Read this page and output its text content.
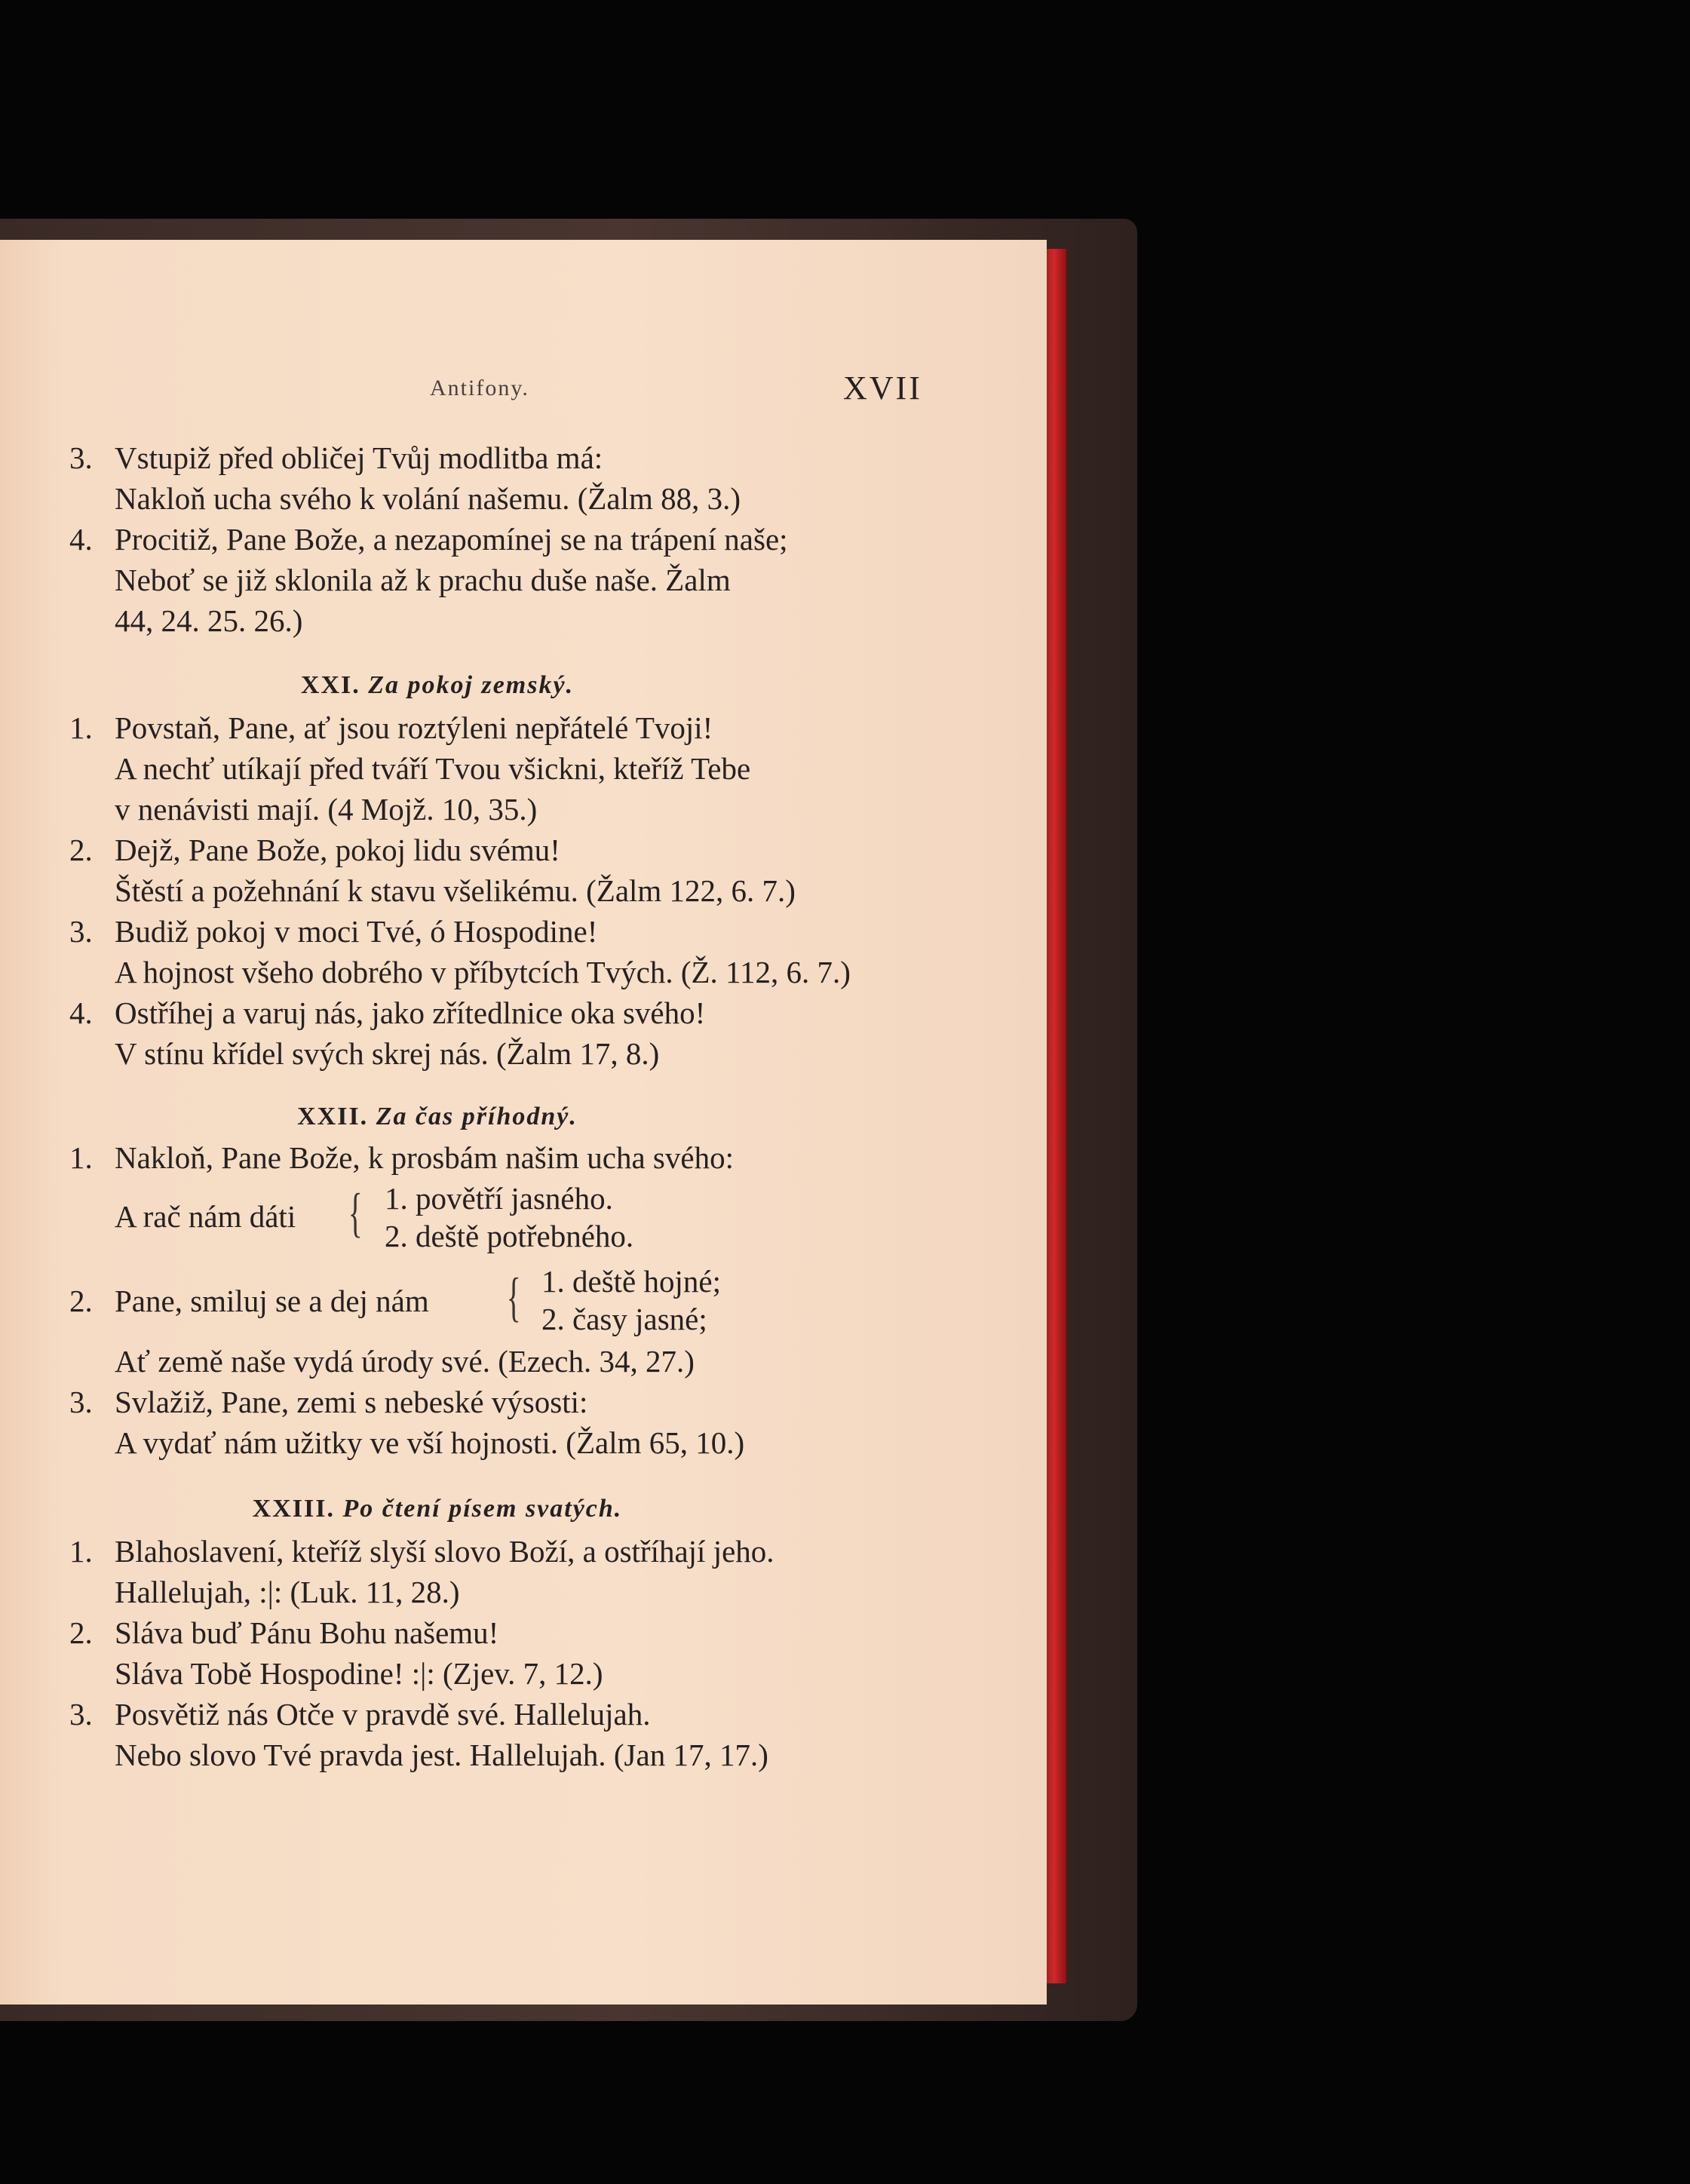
Antifony.	XVII
3. Vstupiž před obličej Tvůj modlitba má:
Nakloň ucha svého k volání našemu. (Žalm 88, 3.)
4. Procitiž, Pane Bože, a nezapomínej se na trápení naše;
Neboť se již sklonila až k prachu duše naše. Žalm
44, 24. 25. 26.)
XXI. Za pokoj zemský.
1. Povstaň, Pane, ať jsou roztýleni nepřátelé Tvoji!
A nechť utíkají před tváří Tvou všickni, kteříž Tebe
v nenávisti mají. (4 Mojž. 10, 35.)
2. Dejž, Pane Bože, pokoj lidu svému!
Štěstí a požehnání k stavu všelikému. (Žalm 122, 6. 7.)
3. Budiž pokoj v moci Tvé, ó Hospodine!
A hojnost všeho dobrého v příbytcích Tvých. (Ž. 112, 6. 7.)
4. Ostříhej a varuj nás, jako zřítedlnice oka svého!
V stínu křídel svých skrej nás. (Žalm 17, 8.)
XXII. Za čas příhodný.
1. Nakloň, Pane Bože, k prosbám našim ucha svého:
A rač nám dáti { 1. povětří jasného.
2. deště potřebného.
2. Pane, smiluj se a dej nám { 1. deště hojné;
2. časy jasné;
Ať země naše vydá úrody své. (Ezech. 34, 27.)
3. Svlažiž, Pane, zemi s nebeské výsosti:
A vydať nám užitky ve vší hojnosti. (Žalm 65, 10.)
XXIII. Po čtení písem svatých.
1. Blahoslavení, kteříž slyší slovo Boží, a ostříhají jeho.
Hallelujah, :|: (Luk. 11, 28.)
2. Sláva buď Pánu Bohu našemu!
Sláva Tobě Hospodine! :|: (Zjev. 7, 12.)
3. Posvětiž nás Otče v pravdě své. Hallelujah.
Nebo slovo Tvé pravda jest. Hallelujah. (Jan 17, 17.)
